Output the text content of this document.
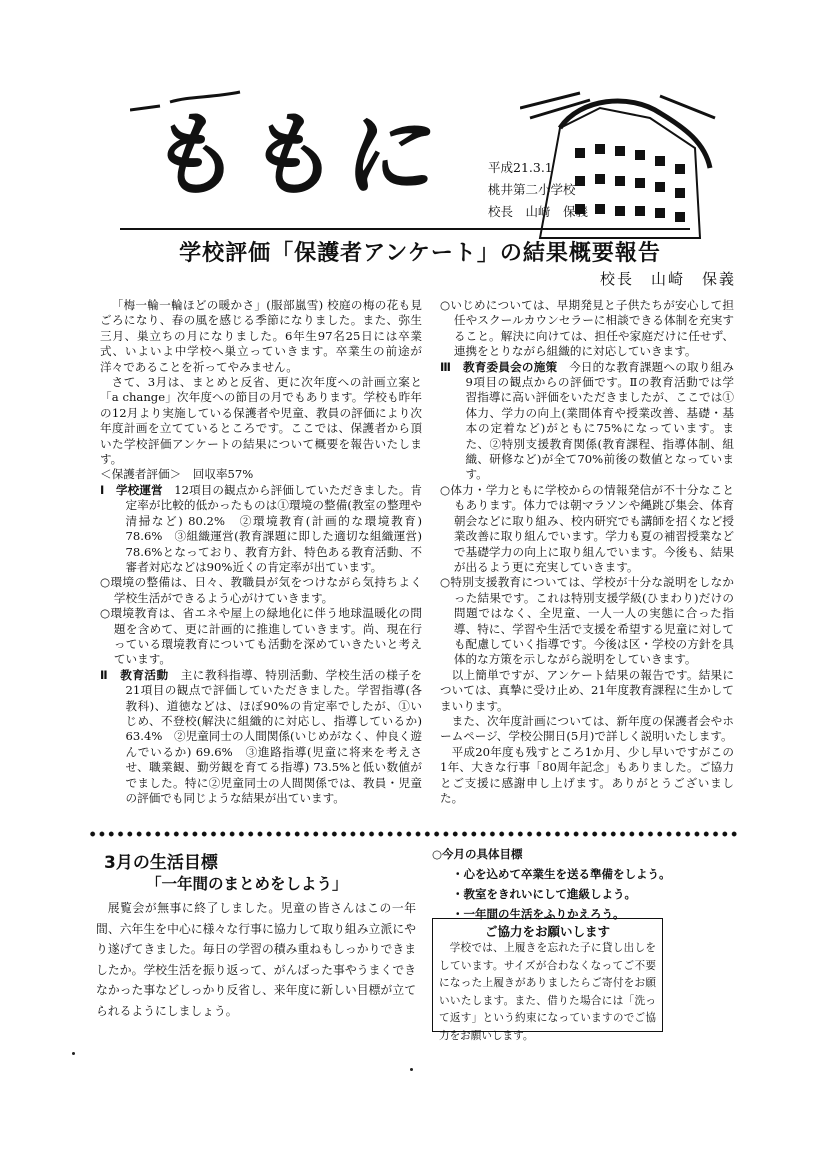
ももに	平成21.3.1
桃井第二小学校
校長　山﨑　保義
学校評価「保護者アンケート」の結果概要報告
校長　山崎　保義

「梅一輪一輪ほどの暖かさ」(服部嵐雪) 校庭の梅の花も見ごろになり、春の風を感じる季節になりました。また、弥生三月、巣立ちの月になりました。6年生97名25日には卒業式、いよいよ中学校へ巣立っていきます。卒業生の前途が洋々であることを祈ってやみません。

さて、3月は、まとめと反省、更に次年度への計画立案と「a change」次年度への節目の月でもあります。学校も昨年の12月より実施している保護者や児童、教員の評価により次年度計画を立てているところです。ここでは、保護者から頂いた学校評価アンケートの結果について概要を報告いたします。

＜保護者評価＞　回収率57%

Ⅰ　 学校運営　 12項目の観点から評価していただきました。肯定率が比較的低かったものは①環境の整備(教室の整理や清掃など) 80.2%　②環境教育(計画的な環境教育) 78.6%　③組織運営(教育課題に即した適切な組織運営) 78.6%となっており、教育方針、特色ある教育活動、不審者対応などは90%近くの肯定率が出ています。

○環境の整備は、日々、教職員が気をつけながら気持ちよく学校生活ができるよう心がけていきます。

○環境教育は、省エネや屋上の緑地化に伴う地球温暖化の問題を含めて、更に計画的に推進していきます。尚、現在行っている環境教育についても活動を深めていきたいと考えています。

Ⅱ　 教育活動　 主に教科指導、特別活動、学校生活の様子を21項目の観点で評価していただきました。学習指導(各教科)、道徳などは、ほぼ90%の肯定率でしたが、①いじめ、不登校(解決に組織的に対応し、指導しているか) 63.4%　②児童同士の人間関係(いじめがなく、仲良く遊んでいるか) 69.6%　③進路指導(児童に将来を考えさせ、職業観、勤労観を育てる指導) 73.5%と低い数値がでました。特に②児童同士の人間関係では、教員・児童の評価でも同じような結果が出ています。

○いじめについては、早期発見と子供たちが安心して担任やスクールカウンセラーに相談できる体制を充実すること。解決に向けては、担任や家庭だけに任せず、連携をとりながら組織的に対応していきます。

Ⅲ　 教育委員会の施策　 今日的な教育課題への取り組み9項目の観点からの評価です。Ⅱの教育活動では学習指導に高い評価をいただきましたが、ここでは①体力、学力の向上(業間体育や授業改善、基礎・基本の定着など)がともに75%になっています。また、②特別支援教育関係(教育課程、指導体制、組織、研修など)が全て70%前後の数値となっています。

○体力・学力ともに学校からの情報発信が不十分なこともあります。体力では朝マラソンや縄跳び集会、体育朝会などに取り組み、校内研究でも講師を招くなど授業改善に取り組んでいます。学力も夏の補習授業などで基礎学力の向上に取り組んでいます。今後も、結果が出るよう更に充実していきます。

○特別支援教育については、学校が十分な説明をしなかった結果です。これは特別支援学級(ひまわり)だけの問題ではなく、全児童、一人一人の実態に合った指導、特に、学習や生活で支援を希望する児童に対しても配慮していく指導です。今後は区・学校の方針を具体的な方策を示しながら説明をしていきます。

以上簡単ですが、アンケート結果の報告です。結果については、真摯に受け止め、21年度教育課程に生かしてまいります。

また、次年度計画については、新年度の保護者会やホームページ、学校公開日(5月)で詳しく説明いたします。

平成20年度も残すところ1か月、少し早いですがこの1年、大きな行事「80周年記念」もありました。ご協力とご支援に感謝申し上げます。ありがとうございました。

3月の生活目標
「一年間のまとめをしよう」
展覧会が無事に終了しました。児童の皆さんはこの一年間、六年生を中心に様々な行事に協力して取り組み立派にやり遂げてきました。毎日の学習の積み重ねもしっかりできましたか。学校生活を振り返って、がんばった事やうまくできなかった事などしっかり反省し、来年度に新しい目標が立てられるようにしましょう。
○今月の具体目標
・心を込めて卒業生を送る準備をしよう。
・教室をきれいにして進級しよう。
・一年間の生活をふりかえろう。
ご協力をお願いします
学校では、上履きを忘れた子に貸し出しをしています。サイズが合わなくなってご不要になった上履きがありましたらご寄付をお願いいたします。また、借りた場合には「洗って返す」という約束になっていますのでご協力をお願いします。
